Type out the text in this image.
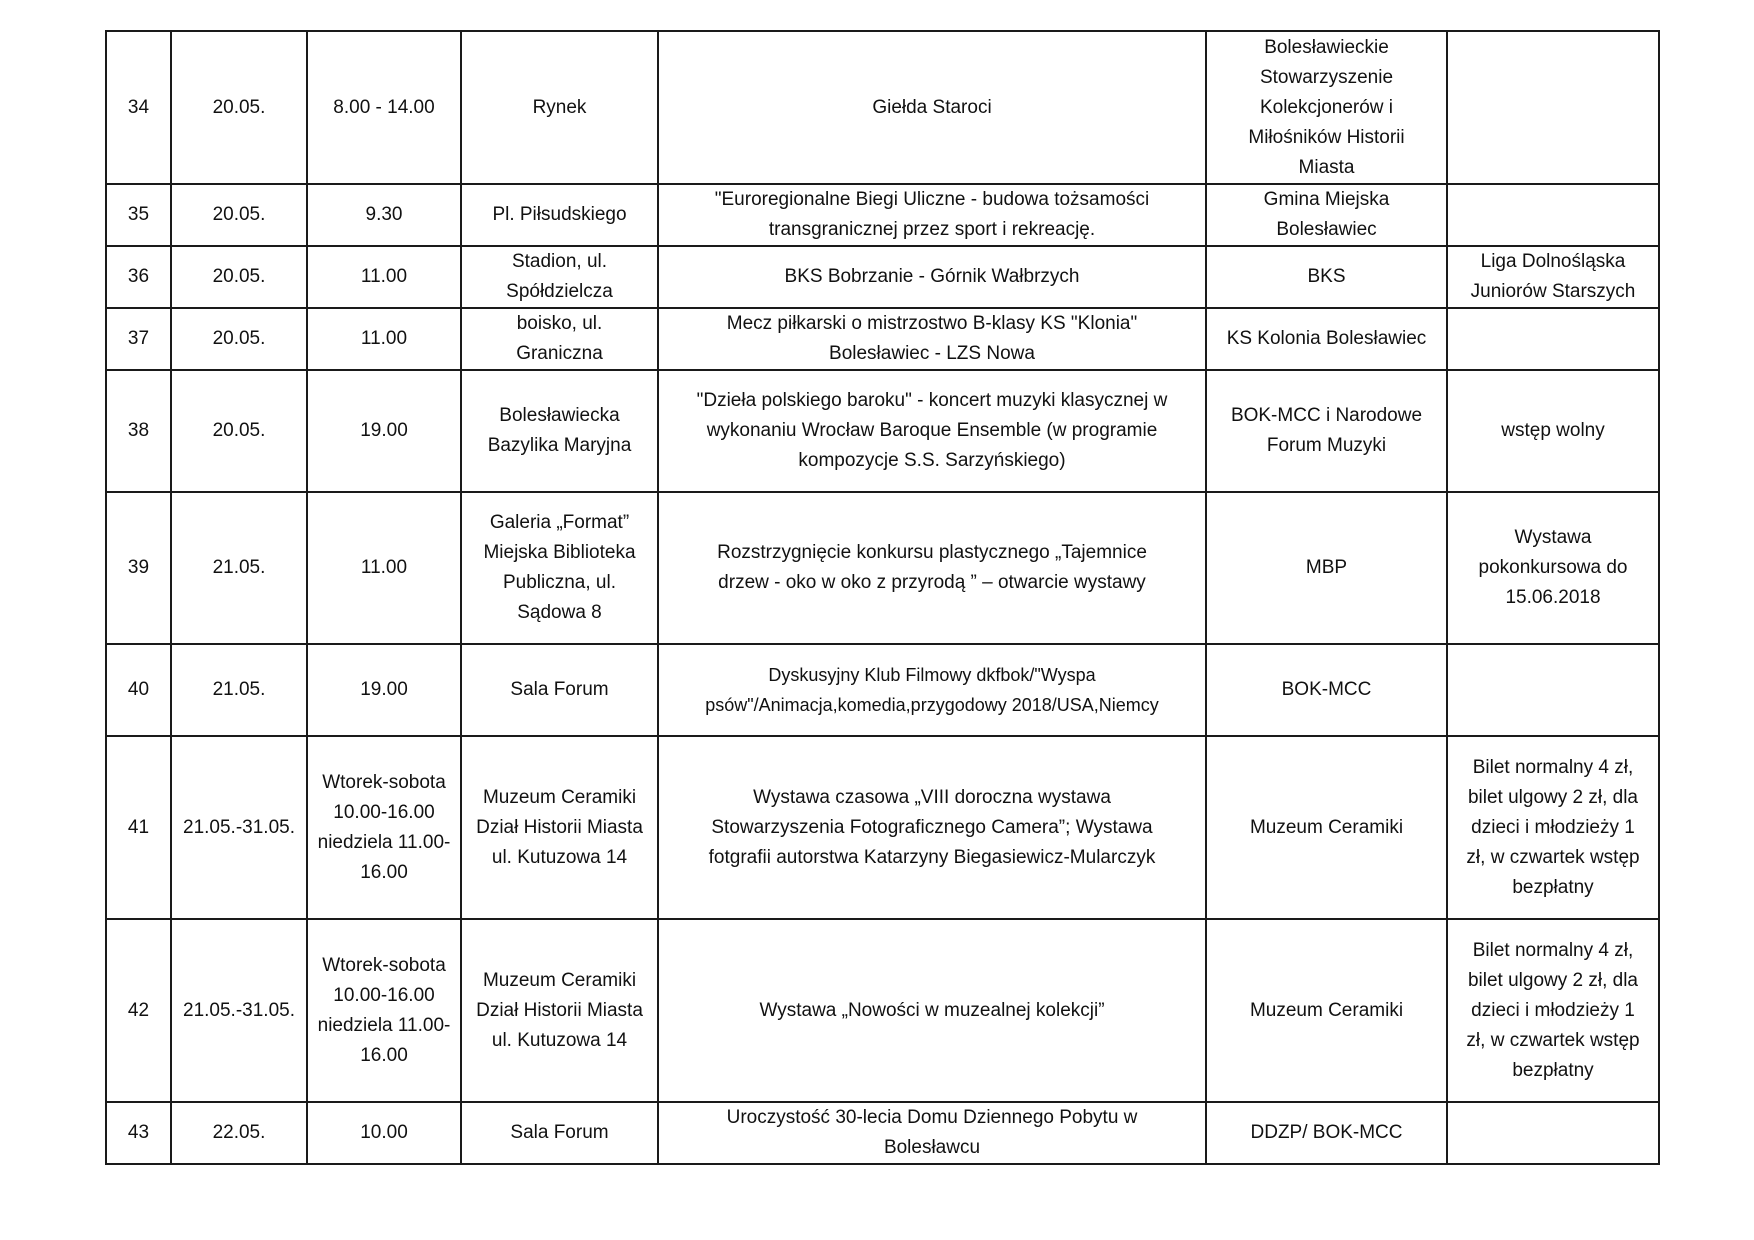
34	20.05.	8.00 - 14.00	Rynek	Giełda Staroci	Bolesławieckie
Stowarzyszenie
Kolekcjonerów i
Miłośników Historii
Miasta	
35	20.05.	9.30	Pl. Piłsudskiego	"Euroregionalne Biegi Uliczne - budowa tożsamości
transgranicznej przez sport i rekreację.	Gmina Miejska
Bolesławiec	
36	20.05.	11.00	Stadion, ul.
Spółdzielcza	BKS Bobrzanie - Górnik Wałbrzych	BKS	Liga Dolnośląska
Juniorów Starszych
37	20.05.	11.00	boisko, ul.
Graniczna	Mecz piłkarski o mistrzostwo B-klasy KS "Klonia"
Bolesławiec - LZS Nowa	KS Kolonia Bolesławiec	
38	20.05.	19.00	Bolesławiecka
Bazylika Maryjna	"Dzieła polskiego baroku" - koncert muzyki klasycznej w
wykonaniu Wrocław Baroque Ensemble (w programie
kompozycje S.S. Sarzyńskiego)	BOK-MCC i Narodowe
Forum Muzyki	wstęp wolny
39	21.05.	11.00	Galeria „Format”
Miejska Biblioteka
Publiczna, ul.
Sądowa 8	Rozstrzygnięcie konkursu plastycznego „Tajemnice
drzew - oko w oko z przyrodą ” – otwarcie wystawy	MBP	Wystawa
pokonkursowa do
15.06.2018
40	21.05.	19.00	Sala Forum	Dyskusyjny Klub Filmowy dkfbok/"Wyspa
psów"/Animacja,komedia,przygodowy 2018/USA,Niemcy	BOK-MCC	
41	21.05.-31.05.	Wtorek-sobota
10.00-16.00
niedziela 11.00-
16.00	Muzeum Ceramiki
Dział Historii Miasta
ul. Kutuzowa 14	Wystawa czasowa „VIII doroczna wystawa
Stowarzyszenia Fotograficznego Camera”; Wystawa
fotgrafii autorstwa Katarzyny Biegasiewicz-Mularczyk	Muzeum Ceramiki	Bilet normalny 4 zł,
bilet ulgowy 2 zł, dla
dzieci i młodzieży 1
zł, w czwartek wstęp
bezpłatny
42	21.05.-31.05.	Wtorek-sobota
10.00-16.00
niedziela 11.00-
16.00	Muzeum Ceramiki
Dział Historii Miasta
ul. Kutuzowa 14	Wystawa „Nowości w muzealnej kolekcji”	Muzeum Ceramiki	Bilet normalny 4 zł,
bilet ulgowy 2 zł, dla
dzieci i młodzieży 1
zł, w czwartek wstęp
bezpłatny
43	22.05.	10.00	Sala Forum	Uroczystość 30-lecia Domu Dziennego Pobytu w
Bolesławcu	DDZP/ BOK-MCC	
